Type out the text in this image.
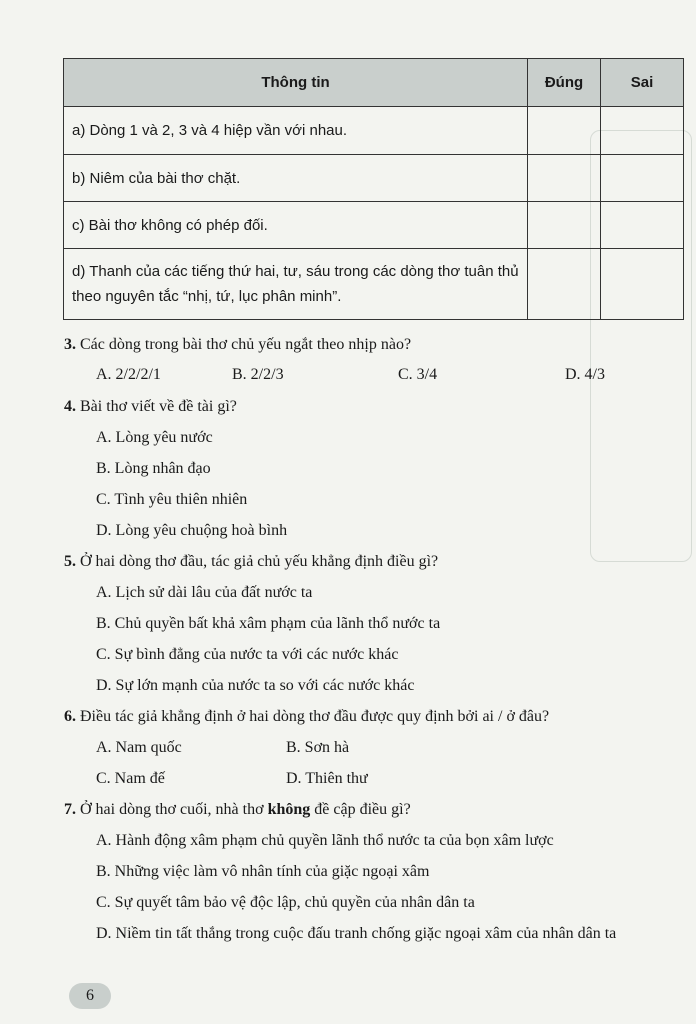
Thông tin	Đúng	Sai
a) Dòng 1 và 2, 3 và 4 hiệp vần với nhau.		
b) Niêm của bài thơ chặt.		
c) Bài thơ không có phép đối.		
d) Thanh của các tiếng thứ hai, tư, sáu trong các dòng thơ tuân thủ theo nguyên tắc “nhị, tứ, lục phân minh”.		
3. Các dòng trong bài thơ chủ yếu ngắt theo nhịp nào?
A. 2/2/2/1	B. 2/2/3	C. 3/4	D. 4/3
4. Bài thơ viết về đề tài gì?
A. Lòng yêu nước
B. Lòng nhân đạo
C. Tình yêu thiên nhiên
D. Lòng yêu chuộng hoà bình
5. Ở hai dòng thơ đầu, tác giả chủ yếu khẳng định điều gì?
A. Lịch sử dài lâu của đất nước ta
B. Chủ quyền bất khả xâm phạm của lãnh thổ nước ta
C. Sự bình đẳng của nước ta với các nước khác
D. Sự lớn mạnh của nước ta so với các nước khác
6. Điều tác giả khẳng định ở hai dòng thơ đầu được quy định bởi ai / ở đâu?
A. Nam quốc	B. Sơn hà
C. Nam đế	D. Thiên thư
7. Ở hai dòng thơ cuối, nhà thơ không đề cập điều gì?
A. Hành động xâm phạm chủ quyền lãnh thổ nước ta của bọn xâm lược
B. Những việc làm vô nhân tính của giặc ngoại xâm
C. Sự quyết tâm bảo vệ độc lập, chủ quyền của nhân dân ta
D. Niềm tin tất thắng trong cuộc đấu tranh chống giặc ngoại xâm của nhân dân ta
6
